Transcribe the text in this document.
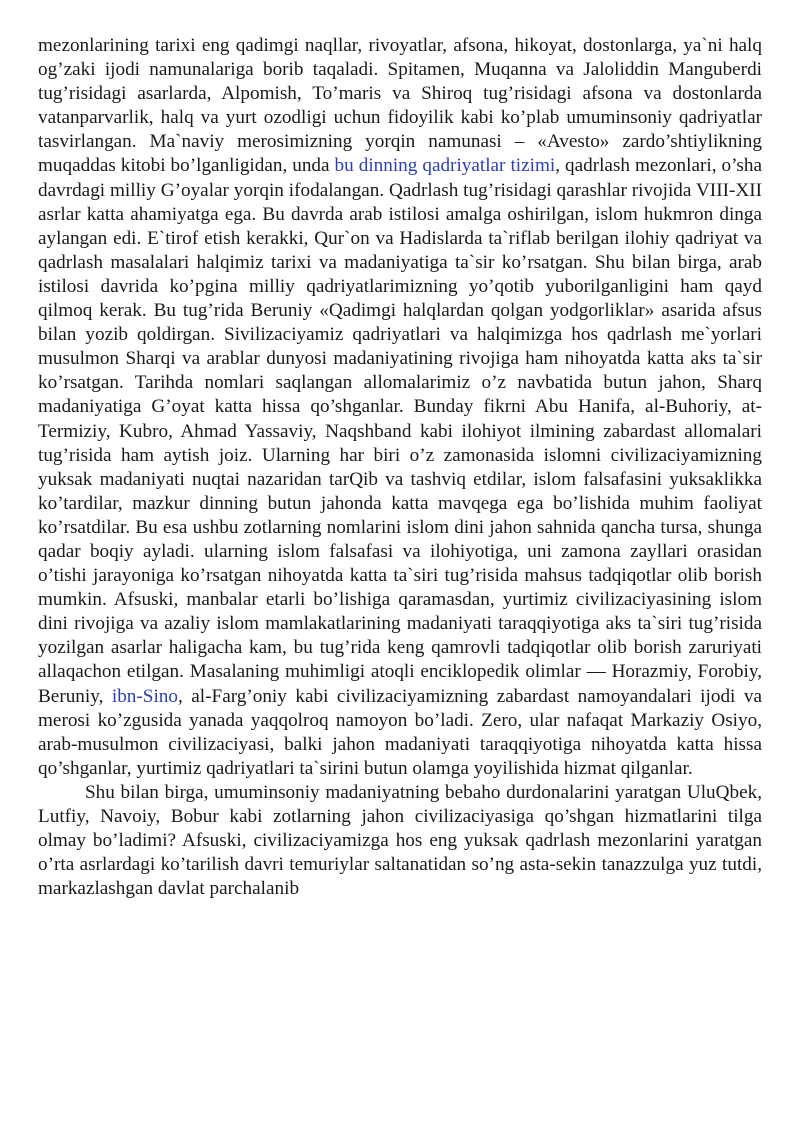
mezonlarining tarixi eng qadimgi naqllar, rivoyatlar, afsona, hikoyat, dostonlarga, ya`ni halq og’zaki ijodi namunalariga borib taqaladi. Spitamen, Muqanna va Jaloliddin Manguberdi tug’risidagi asarlarda, Alpomish, To’maris va Shiroq tug’risidagi afsona va dostonlarda vatanparvarlik, halq va yurt ozodligi uchun fidoyilik kabi ko’plab umuminsoniy qadriyatlar tasvirlangan. Ma`naviy merosimizning yorqin namunasi – «Avesto» zardo’shtiylikning muqaddas kitobi bo’lganligidan, unda bu dinning qadriyatlar tizimi, qadrlash mezonlari, o’sha davrdagi milliy G’oyalar yorqin ifodalangan. Qadrlash tug’risidagi qarashlar rivojida VIII-XII asrlar katta ahamiyatga ega. Bu davrda arab istilosi amalga oshirilgan, islom hukmron dinga aylangan edi. E`tirof etish kerakki, Qur`on va Hadislarda ta`riflab berilgan ilohiy qadriyat va qadrlash masalalari halqimiz tarixi va madaniyatiga ta`sir ko’rsatgan. Shu bilan birga, arab istilosi davrida ko’pgina milliy qadriyatlarimizning yo’qotib yuborilganligini ham qayd qilmoq kerak. Bu tug’rida Beruniy «Qadimgi halqlardan qolgan yodgorliklar» asarida afsus bilan yozib qoldirgan. Sivilizaciyamiz qadriyatlari va halqimizga hos qadrlash me`yorlari musulmon Sharqi va arablar dunyosi madaniyatining rivojiga ham nihoyatda katta aks ta`sir ko’rsatgan. Tarihda nomlari saqlangan allomalarimiz o’z navbatida butun jahon, Sharq madaniyatiga G’oyat katta hissa qo’shganlar. Bunday fikrni Abu Hanifa, al-Buhoriy, at-Termiziy, Kubro, Ahmad Yassaviy, Naqshband kabi ilohiyot ilmining zabardast allomalari tug’risida ham aytish joiz. Ularning har biri o’z zamonasida islomni civilizaciyamizning yuksak madaniyati nuqtai nazaridan tarQib va tashviq etdilar, islom falsafasini yuksaklikka ko’tardilar, mazkur dinning butun jahonda katta mavqega ega bo’lishida muhim faoliyat ko’rsatdilar. Bu esa ushbu zotlarning nomlarini islom dini jahon sahnida qancha tursa, shunga qadar boqiy ayladi. ularning islom falsafasi va ilohiyotiga, uni zamona zayllari orasidan o’tishi jarayoniga ko’rsatgan nihoyatda katta ta`siri tug’risida mahsus tadqiqotlar olib borish mumkin. Afsuski, manbalar etarli bo’lishiga qaramasdan, yurtimiz civilizaciyasining islom dini rivojiga va azaliy islom mamlakatlarining madaniyati taraqqiyotiga aks ta`siri tug’risida yozilgan asarlar haligacha kam, bu tug’rida keng qamrovli tadqiqotlar olib borish zaruriyati allaqachon etilgan. Masalaning muhimligi atoqli enciklopedik olimlar — Horazmiy, Forobiy, Beruniy, ibn-Sino, al-Farg’oniy kabi civilizaciyamizning zabardast namoyandalari ijodi va merosi ko’zgusida yanada yaqqolroq namoyon bo’ladi. Zero, ular nafaqat Markaziy Osiyo, arab-musulmon civilizaciyasi, balki jahon madaniyati taraqqiyotiga nihoyatda katta hissa qo’shganlar, yurtimiz qadriyatlari ta`sirini butun olamga yoyilishida hizmat qilganlar.

Shu bilan birga, umuminsoniy madaniyatning bebaho durdonalarini yaratgan UluQbek, Lutfiy, Navoiy, Bobur kabi zotlarning jahon civilizaciyasiga qo’shgan hizmatlarini tilga olmay bo’ladimi? Afsuski, civilizaciyamizga hos eng yuksak qadrlash mezonlarini yaratgan o’rta asrlardagi ko’tarilish davri temuriylar saltanatidan so’ng asta-sekin tanazzulga yuz tutdi, markazlashgan davlat parchalanib
